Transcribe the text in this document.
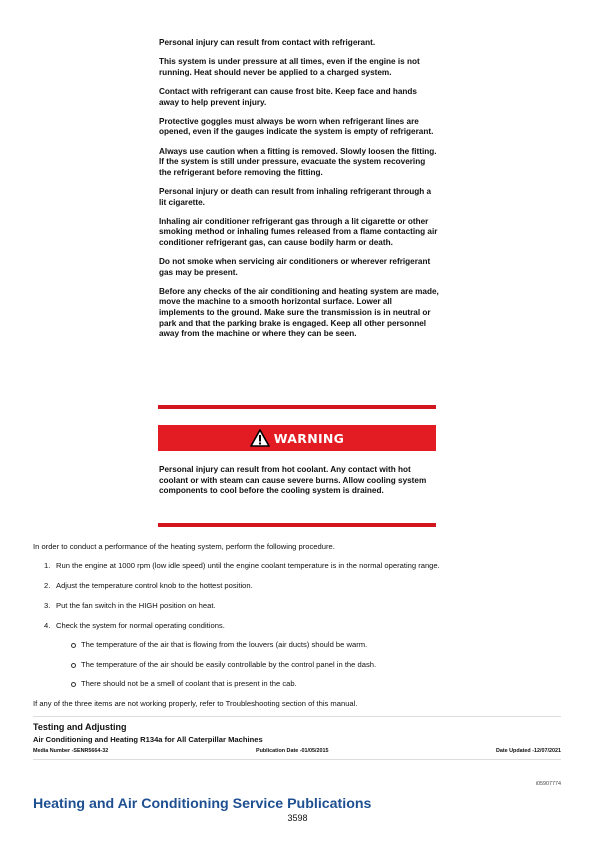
Personal injury can result from contact with refrigerant.

This system is under pressure at all times, even if the engine is not running. Heat should never be applied to a charged system.

Contact with refrigerant can cause frost bite. Keep face and hands away to help prevent injury.

Protective goggles must always be worn when refrigerant lines are opened, even if the gauges indicate the system is empty of refrigerant.

Always use caution when a fitting is removed. Slowly loosen the fitting. If the system is still under pressure, evacuate the system recovering the refrigerant before removing the fitting.

Personal injury or death can result from inhaling refrigerant through a lit cigarette.

Inhaling air conditioner refrigerant gas through a lit cigarette or other smoking method or inhaling fumes released from a flame contacting air conditioner refrigerant gas, can cause bodily harm or death.

Do not smoke when servicing air conditioners or wherever refrigerant gas may be present.

Before any checks of the air conditioning and heating system are made, move the machine to a smooth horizontal surface. Lower all implements to the ground. Make sure the transmission is in neutral or park and that the parking brake is engaged. Keep all other personnel away from the machine or where they can be seen.

WARNING

Personal injury can result from hot coolant. Any contact with hot coolant or with steam can cause severe burns. Allow cooling system components to cool before the cooling system is drained.

In order to conduct a performance of the heating system, perform the following procedure.
1. Run the engine at 1000 rpm (low idle speed) until the engine coolant temperature is in the normal operating range.
2. Adjust the temperature control knob to the hottest position.
3. Put the fan switch in the HIGH position on heat.
4. Check the system for normal operating conditions.
The temperature of the air that is flowing from the louvers (air ducts) should be warm.
The temperature of the air should be easily controllable by the control panel in the dash.
There should not be a smell of coolant that is present in the cab.
If any of the three items are not working properly, refer to Troubleshooting section of this manual.
Testing and Adjusting
Air Conditioning and Heating R134a for All Caterpillar Machines
Media Number -SENR5664-32	Publication Date -01/05/2015	Date Updated -12/07/2021
i05907774
Heating and Air Conditioning Service Publications
3598
